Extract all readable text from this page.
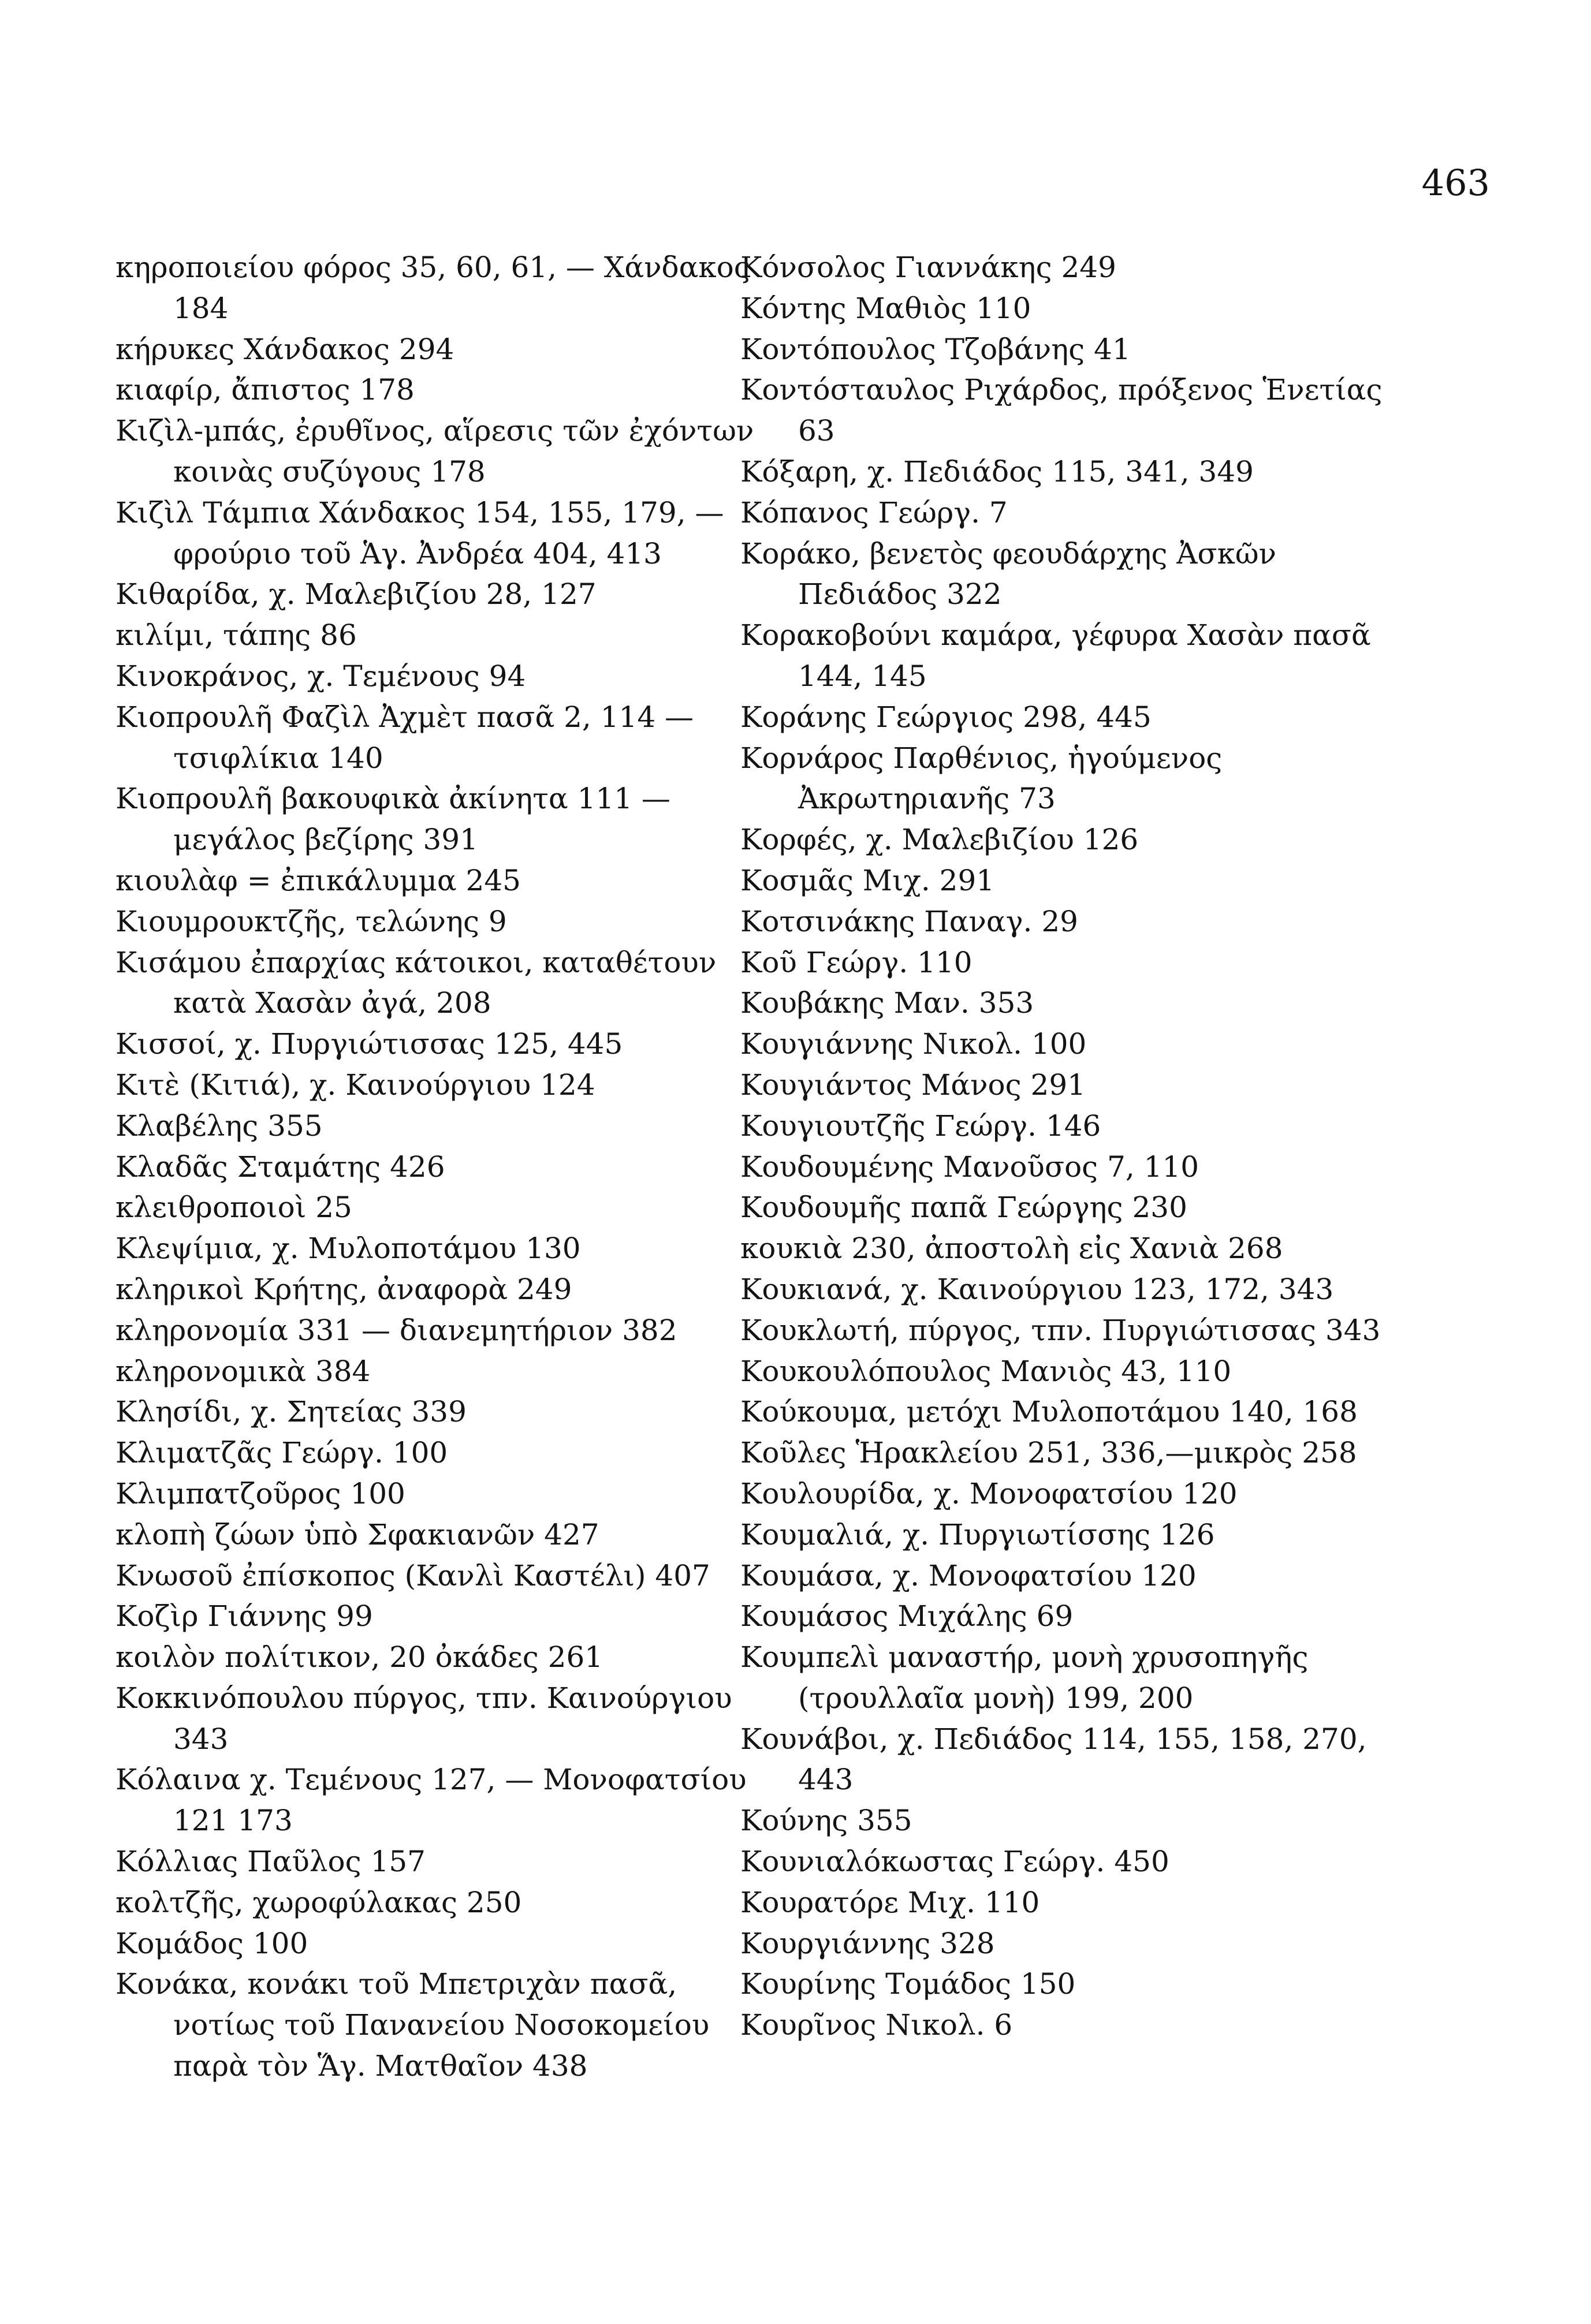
463

κηροποιείου φόρος 35, 60, 61, — Χάνδακος 184

κήρυκες Χάνδακος 294

κιαφίρ, ἄπιστος 178

Κιζὶλ-μπάς, ἐρυθῖνος, αἵρεσις τῶν ἐχόντων κοινὰς συζύγους 178

Κιζὶλ Τάμπια Χάνδακος 154, 155, 179, — φρούριο τοῦ Ἁγ. Ἀνδρέα 404, 413

Κιθαρίδα, χ. Μαλεβιζίου 28, 127

κιλίμι, τάπης 86

Κινοκράνος, χ. Τεμένους 94

Κιοπρουλῆ Φαζὶλ Ἀχμὲτ πασᾶ 2, 114 — τσιφλίκια 140

Κιοπρουλῆ βακουφικὰ ἀκίνητα 111 — μεγάλος βεζίρης 391

κιουλὰφ = ἐπικάλυμμα 245

Κιουμρουκτζῆς, τελώνης 9

Κισάμου ἐπαρχίας κάτοικοι, καταθέτουν κατὰ Χασὰν ἀγά, 208

Κισσοί, χ. Πυργιώτισσας 125, 445

Κιτὲ (Κιτιά), χ. Καινούργιου 124

Κλαβέλης 355

Κλαδᾶς Σταμάτης 426

κλειθροποιοὶ 25

Κλεψίμια, χ. Μυλοποτάμου 130

κληρικοὶ Κρήτης, ἀναφορὰ 249

κληρονομία 331 — διανεμητήριον 382

κληρονομικὰ 384

Κλησίδι, χ. Σητείας 339

Κλιματζᾶς Γεώργ. 100

Κλιμπατζοῦρος 100

κλοπὴ ζώων ὑπὸ Σφακιανῶν 427

Κνωσοῦ ἐπίσκοπος (Κανλὶ Καστέλι) 407

Κοζὶρ Γιάννης 99

κοιλὸν πολίτικον, 20 ὀκάδες 261

Κοκκινόπουλου πύργος, τπν. Καινούργιου 343

Κόλαινα χ. Τεμένους 127, — Μονοφατσίου 121 173

Κόλλιας Παῦλος 157

κολτζῆς, χωροφύλακας 250

Κομάδος 100

Κονάκα, κονάκι τοῦ Μπετριχὰν πασᾶ, νοτίως τοῦ Πανανείου Νοσοκομείου παρὰ τὸν Ἅγ. Ματθαῖον 438

Κόνσολος Γιαννάκης 249

Κόντης Μαθιὸς 110

Κοντόπουλος Τζοβάνης 41

Κοντόσταυλος Ριχάρδος, πρόξενος Ἑνετίας 63

Κόξαρη, χ. Πεδιάδος 115, 341, 349

Κόπανος Γεώργ. 7

Κοράκο, βενετὸς φεουδάρχης Ἀσκῶν Πεδιάδος 322

Κορακοβούνι καμάρα, γέφυρα Χασὰν πασᾶ 144, 145

Κοράνης Γεώργιος 298, 445

Κορνάρος Παρθένιος, ἡγούμενος Ἀκρωτηριανῆς 73

Κορφές, χ. Μαλεβιζίου 126

Κοσμᾶς Μιχ. 291

Κοτσινάκης Παναγ. 29

Κοῦ Γεώργ. 110

Κουβάκης Μαν. 353

Κουγιάννης Νικολ. 100

Κουγιάντος Μάνος 291

Κουγιουτζῆς Γεώργ. 146

Κουδουμένης Μανοῦσος 7, 110

Κουδουμῆς παπᾶ Γεώργης 230

κουκιὰ 230, ἀποστολὴ εἰς Χανιὰ 268

Κουκιανά, χ. Καινούργιου 123, 172, 343

Κουκλωτή, πύργος, τπν. Πυργιώτισσας 343

Κουκουλόπουλος Μανιὸς 43, 110

Κούκουμα, μετόχι Μυλοποτάμου 140, 168

Κοῦλες Ἡρακλείου 251, 336,—μικρὸς 258

Κουλουρίδα, χ. Μονοφατσίου 120

Κουμαλιά, χ. Πυργιωτίσσης 126

Κουμάσα, χ. Μονοφατσίου 120

Κουμάσος Μιχάλης 69

Κουμπελὶ μαναστήρ, μονὴ χρυσοπηγῆς (τρουλλαῖα μονὴ) 199, 200

Κουνάβοι, χ. Πεδιάδος 114, 155, 158, 270, 443

Κούνης 355

Κουνιαλόκωστας Γεώργ. 450

Κουρατόρε Μιχ. 110

Κουργιάννης 328

Κουρίνης Τομάδος 150

Κουρῖνος Νικολ. 6
